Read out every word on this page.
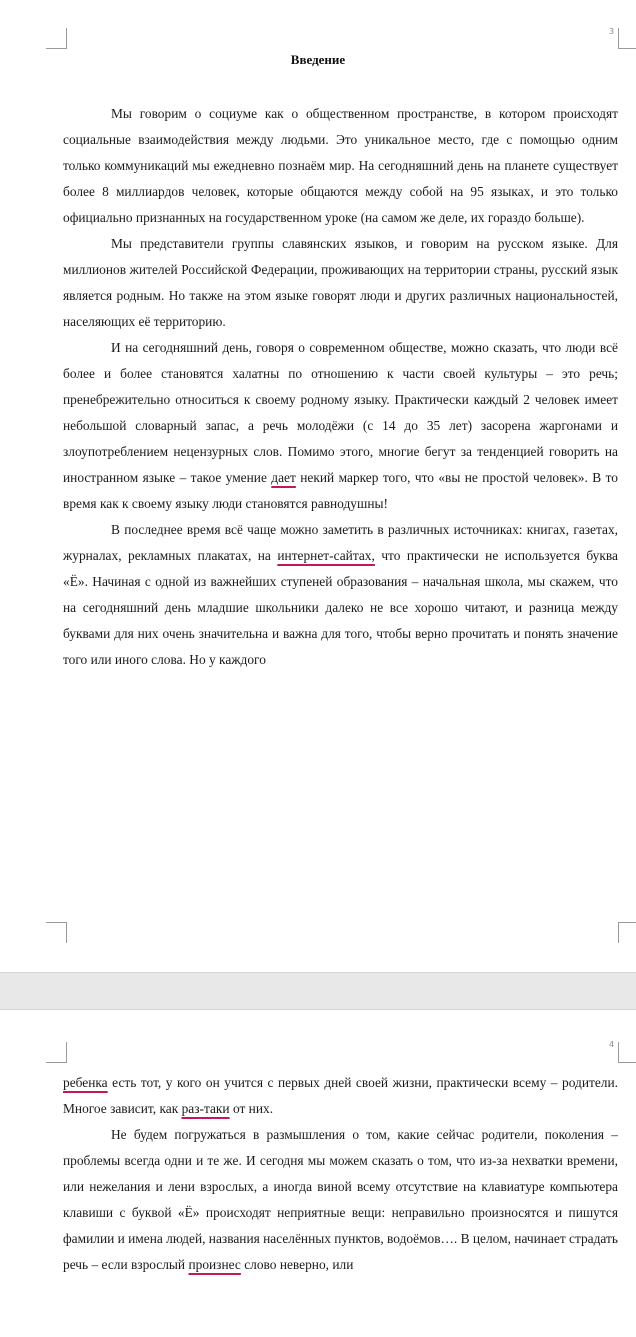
3
Введение

Мы говорим о социуме как о общественном пространстве, в котором происходят социальные взаимодействия между людьми. Это уникальное место, где с помощью одним только коммуникаций мы ежедневно познаём мир. На сегодняшний день на планете существует более 8 миллиардов человек, которые общаются между собой на 95 языках, и это только официально признанных на государственном уроке (на самом же деле, их гораздо больше).

Мы представители группы славянских языков, и говорим на русском языке. Для миллионов жителей Российской Федерации, проживающих на территории страны, русский язык является родным. Но также на этом языке говорят люди и других различных национальностей, населяющих её территорию.

И на сегодняшний день, говоря о современном обществе, можно сказать, что люди всё более и более становятся халатны по отношению к части своей культуры – это речь; пренебрежительно относиться к своему родному языку. Практически каждый 2 человек имеет небольшой словарный запас, а речь молодёжи (с 14 до 35 лет) засорена жаргонами и злоупотреблением нецензурных слов. Помимо этого, многие бегут за тенденцией говорить на иностранном языке – такое умение дает некий маркер того, что «вы не простой человек». В то время как к своему языку люди становятся равнодушны!

В последнее время всё чаще можно заметить в различных источниках: книгах, газетах, журналах, рекламных плакатах, на интернет-сайтах, что практически не используется буква «Ё». Начиная с одной из важнейших ступеней образования – начальная школа, мы скажем, что на сегодняшний день младшие школьники далеко не все хорошо читают, и разница между буквами для них очень значительна и важна для того, чтобы верно прочитать и понять значение того или иного слова. Но у каждого

4

ребенка есть тот, у кого он учится с первых дней своей жизни, практически всему – родители. Многое зависит, как раз-таки от них.

Не будем погружаться в размышления о том, какие сейчас родители, поколения – проблемы всегда одни и те же. И сегодня мы можем сказать о том, что из-за нехватки времени, или нежелания и лени взрослых, а иногда виной всему отсутствие на клавиатуре компьютера клавиши с буквой «Ё» происходят неприятные вещи: неправильно произносятся и пишутся фамилии и имена людей, названия населённых пунктов, водоёмов…. В целом, начинает страдать речь – если взрослый произнес слово неверно, или
